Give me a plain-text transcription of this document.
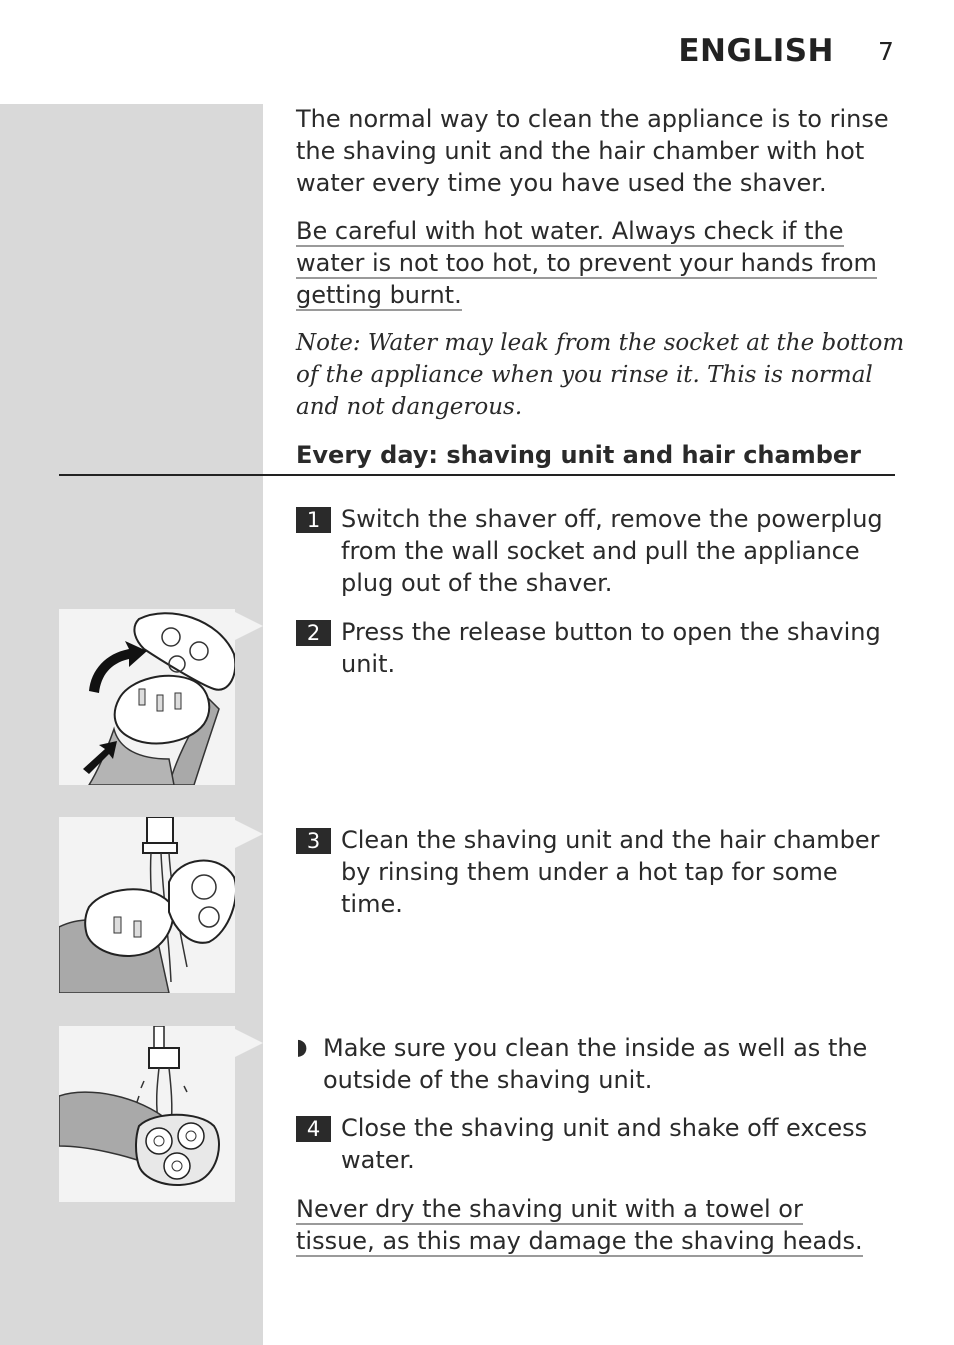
ENGLISH 7
The normal way to clean the appliance is to rinse the shaving unit and the hair chamber with hot water every time you have used the shaver.
Be careful with hot water. Always check if the water is not too hot, to prevent your hands from getting burnt.
Note: Water may leak from the socket at the bottom of the appliance when you rinse it. This is normal and not dangerous.
Every day: shaving unit and hair chamber
1 Switch the shaver off, remove the powerplug from the wall socket and pull the appliance plug out of the shaver.
2 Press the release button to open the shaving unit.
3 Clean the shaving unit and the hair chamber by rinsing them under a hot tap for some time.
◗ Make sure you clean the inside as well as the outside of the shaving unit.
4 Close the shaving unit and shake off excess water.
Never dry the shaving unit with a towel or tissue, as this may damage the shaving heads.
